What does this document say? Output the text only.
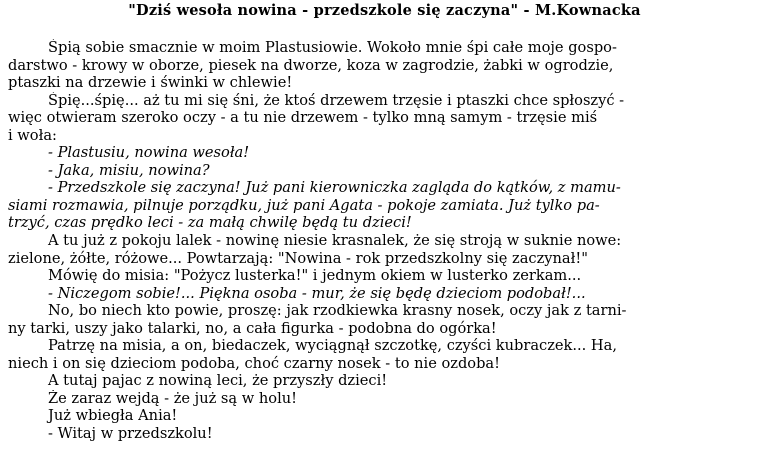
"Dziś wesoła nowina - przedszkole się zaczyna" - M.Kownacka
Śpią sobie smacznie w moim Plastusiowie. Wokoło mnie śpi całe moje gospo-
darstwo - krowy w oborze, piesek na dworze, koza w zagrodzie, żabki w ogrodzie,
ptaszki na drzewie i świnki w chlewie!
Śpię...śpię... aż tu mi się śni, że ktoś drzewem trzęsie i ptaszki chce spłoszyć -
więc otwieram szeroko oczy - a tu nie drzewem - tylko mną samym - trzęsie miś
i woła:
- Plastusiu, nowina wesoła!
- Jaka, misiu, nowina?
- Przedszkole się zaczyna! Już pani kierowniczka zagląda do kątków, z mamu-
siami rozmawia, pilnuje porządku, już pani Agata - pokoje zamiata. Już tylko pa-
trzyć, czas prędko leci - za małą chwilę będą tu dzieci!
A tu już z pokoju lalek - nowinę niesie krasnalek, że się stroją w suknie nowe:
zielone, żółte, różowe... Powtarzają: "Nowina - rok przedszkolny się zaczynał!"
Mówię do misia: "Pożycz lusterka!" i jednym okiem w lusterko zerkam...
- Niczegom sobie!... Piękna osoba - mur, że się będę dzieciom podobał!...
No, bo niech kto powie, proszę: jak rzodkiewka krasny nosek, oczy jak z tarni-
ny tarki, uszy jako talarki, no, a cała figurka - podobna do ogórka!
Patrzę na misia, a on, biedaczek, wyciągnął szczotkę, czyści kubraczek... Ha,
niech i on się dzieciom podoba, choć czarny nosek - to nie ozdoba!
A tutaj pajac z nowiną leci, że przyszły dzieci!
Że zaraz wejdą - że już są w holu!
Już wbiegła Ania!
- Witaj w przedszkolu!
